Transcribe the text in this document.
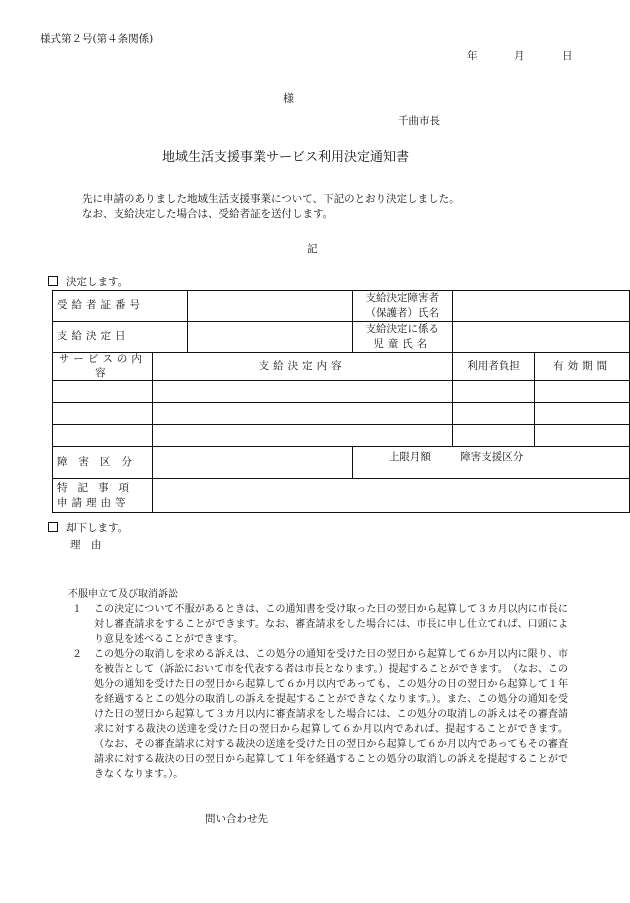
様式第２号(第４条関係)
年	月	日
様
千曲市長
地域生活支援事業サービス利用決定通知書
先に申請のありました地域生活支援事業について、下記のとおり決定しました。
なお、支給決定した場合は、受給者証を送付します。
記
決定します。
受給者証番号			支給決定障害者
（保護者）氏名		

支給決定日			支給決定に係る
児童氏名		

サービスの内容	支給決定内容			利用者負担	有効期間

障害区分			上限月額 障害支援区分		

特記事項
申請理由等					

却下します。
理　由
不服申立て及び取消訴訟
１	この決定について不服があるときは、この通知書を受け取った日の翌日から起算して３カ月以内に市長に対し審査請求をすることができます。なお、審査請求をした場合には、市長に申し仕立てれば、口頭により意見を述べることができます。
２	この処分の取消しを求める訴えは、この処分の通知を受けた日の翌日から起算して６か月以内に限り、市を被告として（訴訟において市を代表する者は市長となります。）提起することができます。　（なお、この処分の通知を受けた日の翌日から起算して６か月以内であっても、この処分の日の翌日から起算して１年を経過するとこの処分の取消しの訴えを提起することができなくなります。）。また、この処分の通知を受けた日の翌日から起算して３カ月以内に審査請求をした場合には、この処分の取消しの訴えはその審査請求に対する裁決の送達を受けた日の翌日から起算して６か月以内であれば、提起することができます。（なお、その審査請求に対する裁決の送達を受けた日の翌日から起算して６か月以内であってもその審査請求に対する裁決の日の翌日から起算して１年を経過することの処分の取消しの訴えを提起することができなくなります。）。
問い合わせ先
